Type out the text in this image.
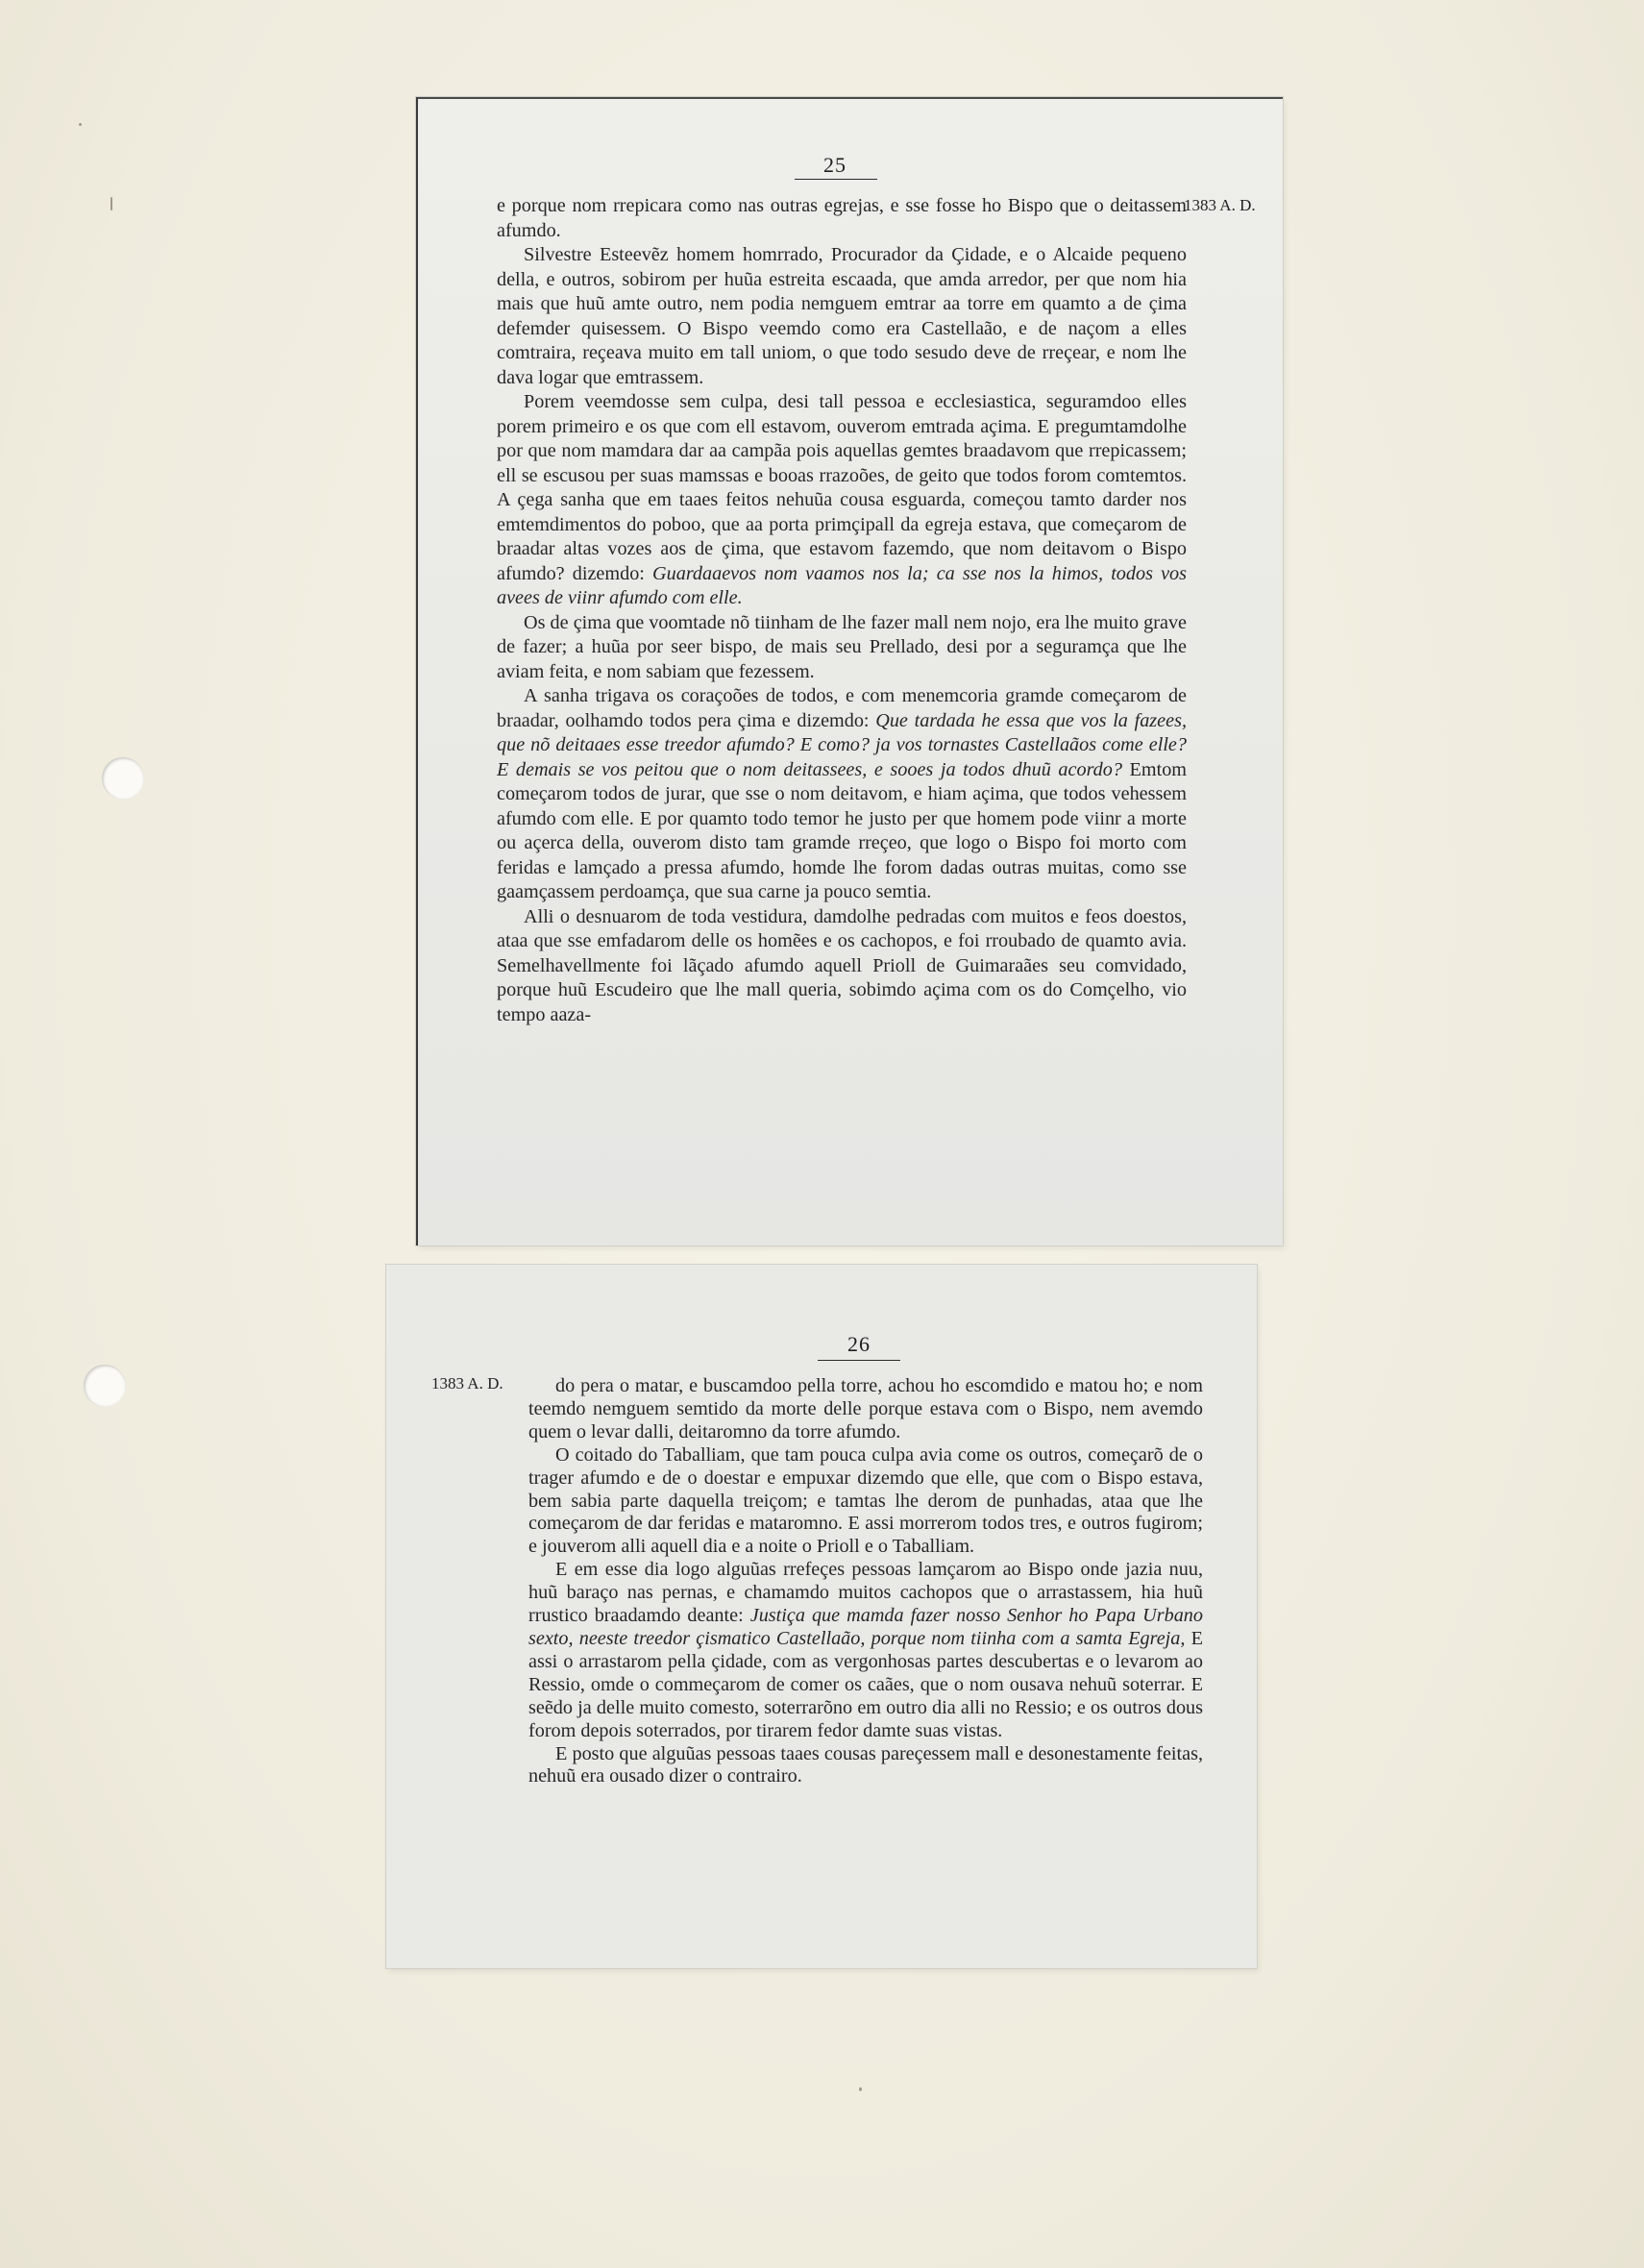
25
1383 A. D.

e porque nom rrepicara como nas outras egrejas, e sse fosse ho Bispo que o deitassem afumdo.

Silvestre Esteevẽz homem homrrado, Procurador da Çidade, e o Alcaide pequeno della, e outros, sobirom per huũa estreita escaada, que amda arredor, per que nom hia mais que huũ amte outro, nem podia nemguem emtrar aa torre em quamto a de çima defemder quisessem. O Bispo veemdo como era Castellaão, e de naçom a elles comtraira, reçeava muito em tall uniom, o que todo sesudo deve de rreçear, e nom lhe dava logar que emtrassem.

Porem veemdosse sem culpa, desi tall pessoa e ecclesiastica, seguramdoo elles porem primeiro e os que com ell estavom, ouverom emtrada açima. E pregumtamdolhe por que nom mamdara dar aa campãa pois aquellas gemtes braadavom que rrepicassem; ell se escusou per suas mamssas e booas rrazoões, de geito que todos forom comtemtos. A çega sanha que em taaes feitos nehuũa cousa esguarda, começou tamto darder nos emtemdimentos do poboo, que aa porta primçipall da egreja estava, que começarom de braadar altas vozes aos de çima, que estavom fazemdo, que nom deitavom o Bispo afumdo? dizemdo: Guardaaevos nom vaamos nos la; ca sse nos la himos, todos vos avees de viinr afumdo com elle.

Os de çima que voomtade nõ tiinham de lhe fazer mall nem nojo, era lhe muito grave de fazer; a huũa por seer bispo, de mais seu Prellado, desi por a seguramça que lhe aviam feita, e nom sabiam que fezessem.

A sanha trigava os coraçoões de todos, e com menemcoria gramde começarom de braadar, oolhamdo todos pera çima e dizemdo: Que tardada he essa que vos la fazees, que nõ deitaaes esse treedor afumdo? E como? ja vos tornastes Castellaãos come elle? E demais se vos peitou que o nom deitassees, e sooes ja todos dhuũ acordo? Emtom começarom todos de jurar, que sse o nom deitavom, e hiam açima, que todos vehessem afumdo com elle. E por quamto todo temor he justo per que homem pode viinr a morte ou açerca della, ouverom disto tam gramde rreçeo, que logo o Bispo foi morto com feridas e lamçado a pressa afumdo, homde lhe forom dadas outras muitas, como sse gaamçassem perdoamça, que sua carne ja pouco semtia.

Alli o desnuarom de toda vestidura, damdolhe pedradas com muitos e feos doestos, ataa que sse emfadarom delle os homẽes e os cachopos, e foi rroubado de quamto avia. Semelhavellmente foi lãçado afumdo aquell Prioll de Guimaraães seu comvidado, porque huũ Escudeiro que lhe mall queria, sobimdo açima com os do Comçelho, vio tempo aaza-

26
1383 A. D.	do pera o matar, e buscamdoo pella torre, achou ho escomdido e matou ho; e nom teemdo nemguem semtido da morte delle porque estava com o Bispo, nem avemdo quem o levar dalli, deitaromno da torre afumdo.

O coitado do Taballiam, que tam pouca culpa avia come os outros, começarõ de o trager afumdo e de o doestar e empuxar dizemdo que elle, que com o Bispo estava, bem sabia parte daquella treiçom; e tamtas lhe derom de punhadas, ataa que lhe começarom de dar feridas e mataromno. E assi morrerom todos tres, e outros fugirom; e jouverom alli aquell dia e a noite o Prioll e o Taballiam.

E em esse dia logo alguũas rrefeçes pessoas lamçarom ao Bispo onde jazia nuu, huũ baraço nas pernas, e chamamdo muitos cachopos que o arrastassem, hia huũ rrustico braadamdo deante: Justiça que mamda fazer nosso Senhor ho Papa Urbano sexto, neeste treedor çismatico Castellaão, porque nom tiinha com a samta Egreja, E assi o arrastarom pella çidade, com as vergonhosas partes descubertas e o levarom ao Ressio, omde o commeçarom de comer os caães, que o nom ousava nehuũ soterrar. E seẽdo ja delle muito comesto, soterrarõno em outro dia alli no Ressio; e os outros dous forom depois soterrados, por tirarem fedor damte suas vistas.

E posto que alguũas pessoas taaes cousas pareçessem mall e desonestamente feitas, nehuũ era ousado dizer o contrairo.
